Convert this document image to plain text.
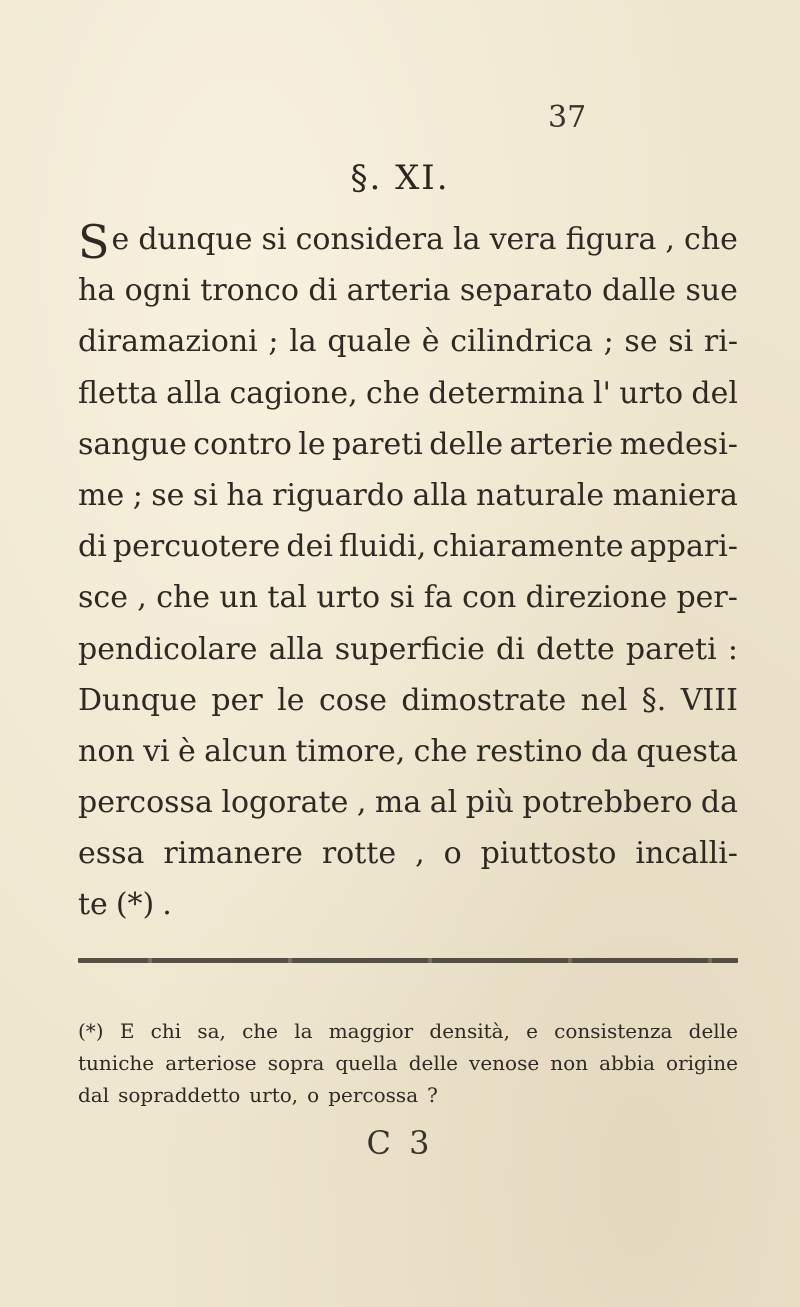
37
§. XI.
S e dunque si considera la vera figura , che
ha ogni tronco di arteria separato dalle sue
diramazioni ; la quale è cilindrica ; se si ri-
fletta alla cagione, che determina l' urto del
sangue contro le pareti delle arterie medesi-
me ; se si ha riguardo alla naturale maniera
di percuotere dei fluidi, chiaramente appari-
sce , che un tal urto si fa con direzione per-
pendicolare alla superficie di dette pareti :
Dunque per le cose dimostrate nel §. VIII
non vi è alcun timore, che restino da questa
percossa logorate , ma al più potrebbero da
essa rimanere rotte , o piuttosto incalli-
te (*) .
(*) E chi sa, che la maggior densità, e consistenza delle
tuniche arteriose sopra quella delle venose non abbia origine
dal sopraddetto urto, o percossa ?
C 3
